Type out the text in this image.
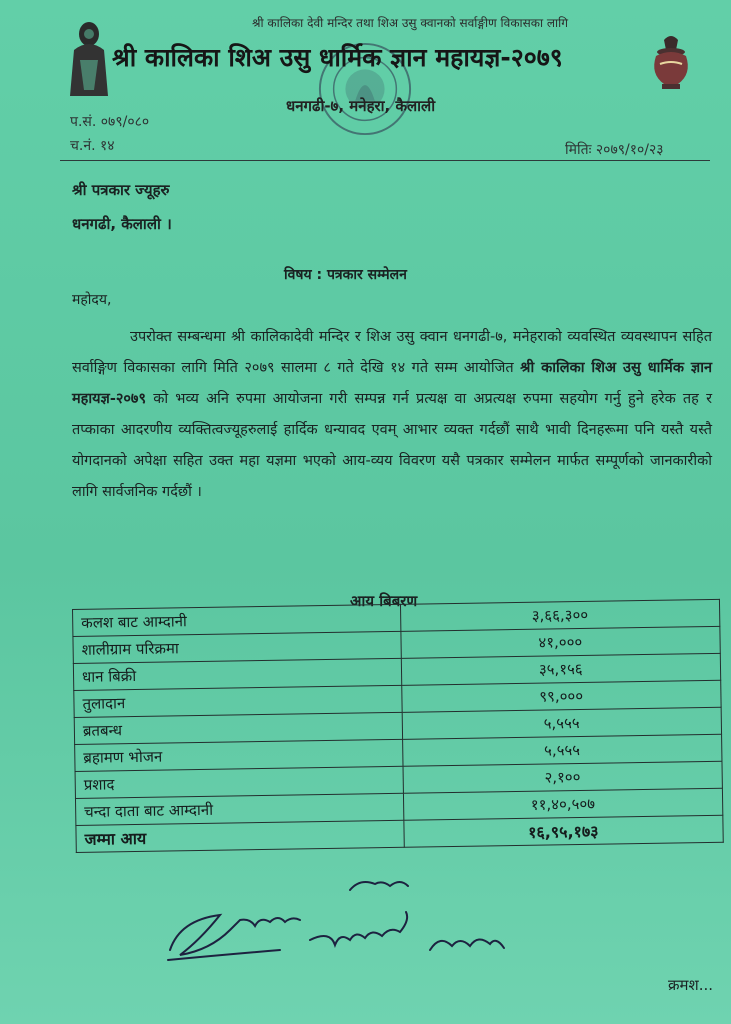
श्री कालिका देवी मन्दिर तथा शिअ उसु क्वानको सर्वाङ्गीण विकासका लागि
श्री कालिका शिअ उसु धार्मिक ज्ञान महायज्ञ-२०७९
धनगढी-७, मनेहरा, कैलाली
प.सं. ०७९/०८०
च.नं. १४	मितिः २०७९/१०/२३
श्री पत्रकार ज्यूहरु
धनगढी, कैलाली ।
विषय : पत्रकार सम्मेलन
महोदय,

उपरोक्त सम्बन्धमा श्री कालिकादेवी मन्दिर र शिअ उसु क्वान धनगढी-७, मनेहराको व्यवस्थित व्यवस्थापन सहित सर्वाङ्गिण विकासका लागि मिति २०७९ सालमा ८ गते देखि १४ गते सम्म आयोजित श्री कालिका शिअ उसु धार्मिक ज्ञान महायज्ञ-२०७९ को भव्य अनि रुपमा आयोजना गरी सम्पन्न गर्न प्रत्यक्ष वा अप्रत्यक्ष रुपमा सहयोग गर्नु हुने हरेक तह र तप्काका आदरणीय व्यक्तित्वज्यूहरुलाई हार्दिक धन्यावद एवम् आभार व्यक्त गर्दछौं साथै भावी दिनहरूमा पनि यस्तै यस्तै योगदानको अपेक्षा सहित उक्त महा यज्ञमा भएको आय-व्यय विवरण यसै पत्रकार सम्मेलन मार्फत सम्पूर्णको जानकारीको लागि सार्वजनिक गर्दछौं ।

आय बिबरण
कलश बाट आम्दानी	३,६६,३००
शालीग्राम परिक्रमा	४१,०००
धान बिक्री	३५,१५६
तुलादान	९९,०००
ब्रतबन्ध	५,५५५
ब्रहामण भोजन	५,५५५
प्रशाद	२,१००
चन्दा दाता बाट आम्दानी	११,४०,५०७
जम्मा आय	१६,९५,१७३
क्रमश...
